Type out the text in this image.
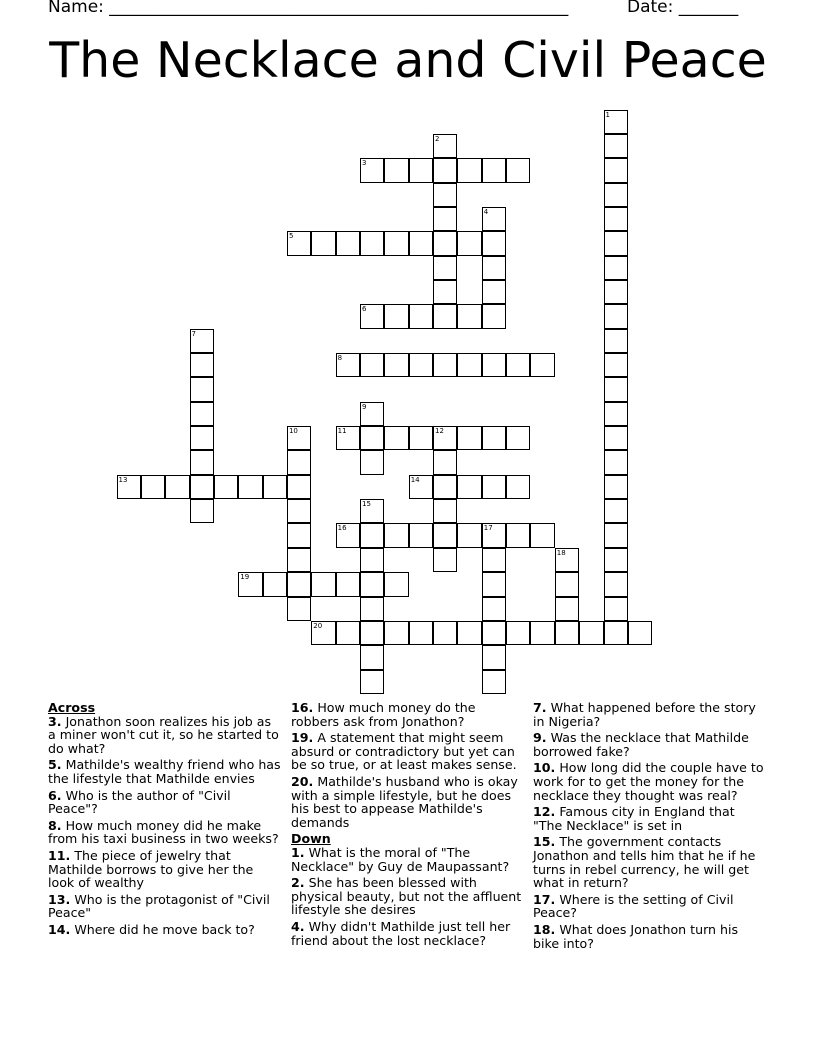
Name: ______________________________________________________	Date: _______
The Necklace and Civil Peace
1
2
3
4
5
6
7
8
9
10	11	12
13	14
15
16	17
18
19
20
Across
3. Jonathon soon realizes his job as a miner won't cut it, so he started to do what?
5. Mathilde's wealthy friend who has the lifestyle that Mathilde envies
6. Who is the author of "Civil Peace"?
8. How much money did he make from his taxi business in two weeks?
11. The piece of jewelry that Mathilde borrows to give her the look of wealthy
13. Who is the protagonist of "Civil Peace"
14. Where did he move back to?
16. How much money do the robbers ask from Jonathon?
19. A statement that might seem absurd or contradictory but yet can be so true, or at least makes sense.
20. Mathilde's husband who is okay with a simple lifestyle, but he does his best to appease Mathilde's demands
Down
1. What is the moral of "The Necklace" by Guy de Maupassant?
2. She has been blessed with physical beauty, but not the affluent lifestyle she desires
4. Why didn't Mathilde just tell her friend about the lost necklace?
7. What happened before the story in Nigeria?
9. Was the necklace that Mathilde borrowed fake?
10. How long did the couple have to work for to get the money for the necklace they thought was real?
12. Famous city in England that "The Necklace" is set in
15. The government contacts Jonathon and tells him that he if he turns in rebel currency, he will get what in return?
17. Where is the setting of Civil Peace?
18. What does Jonathon turn his bike into?
